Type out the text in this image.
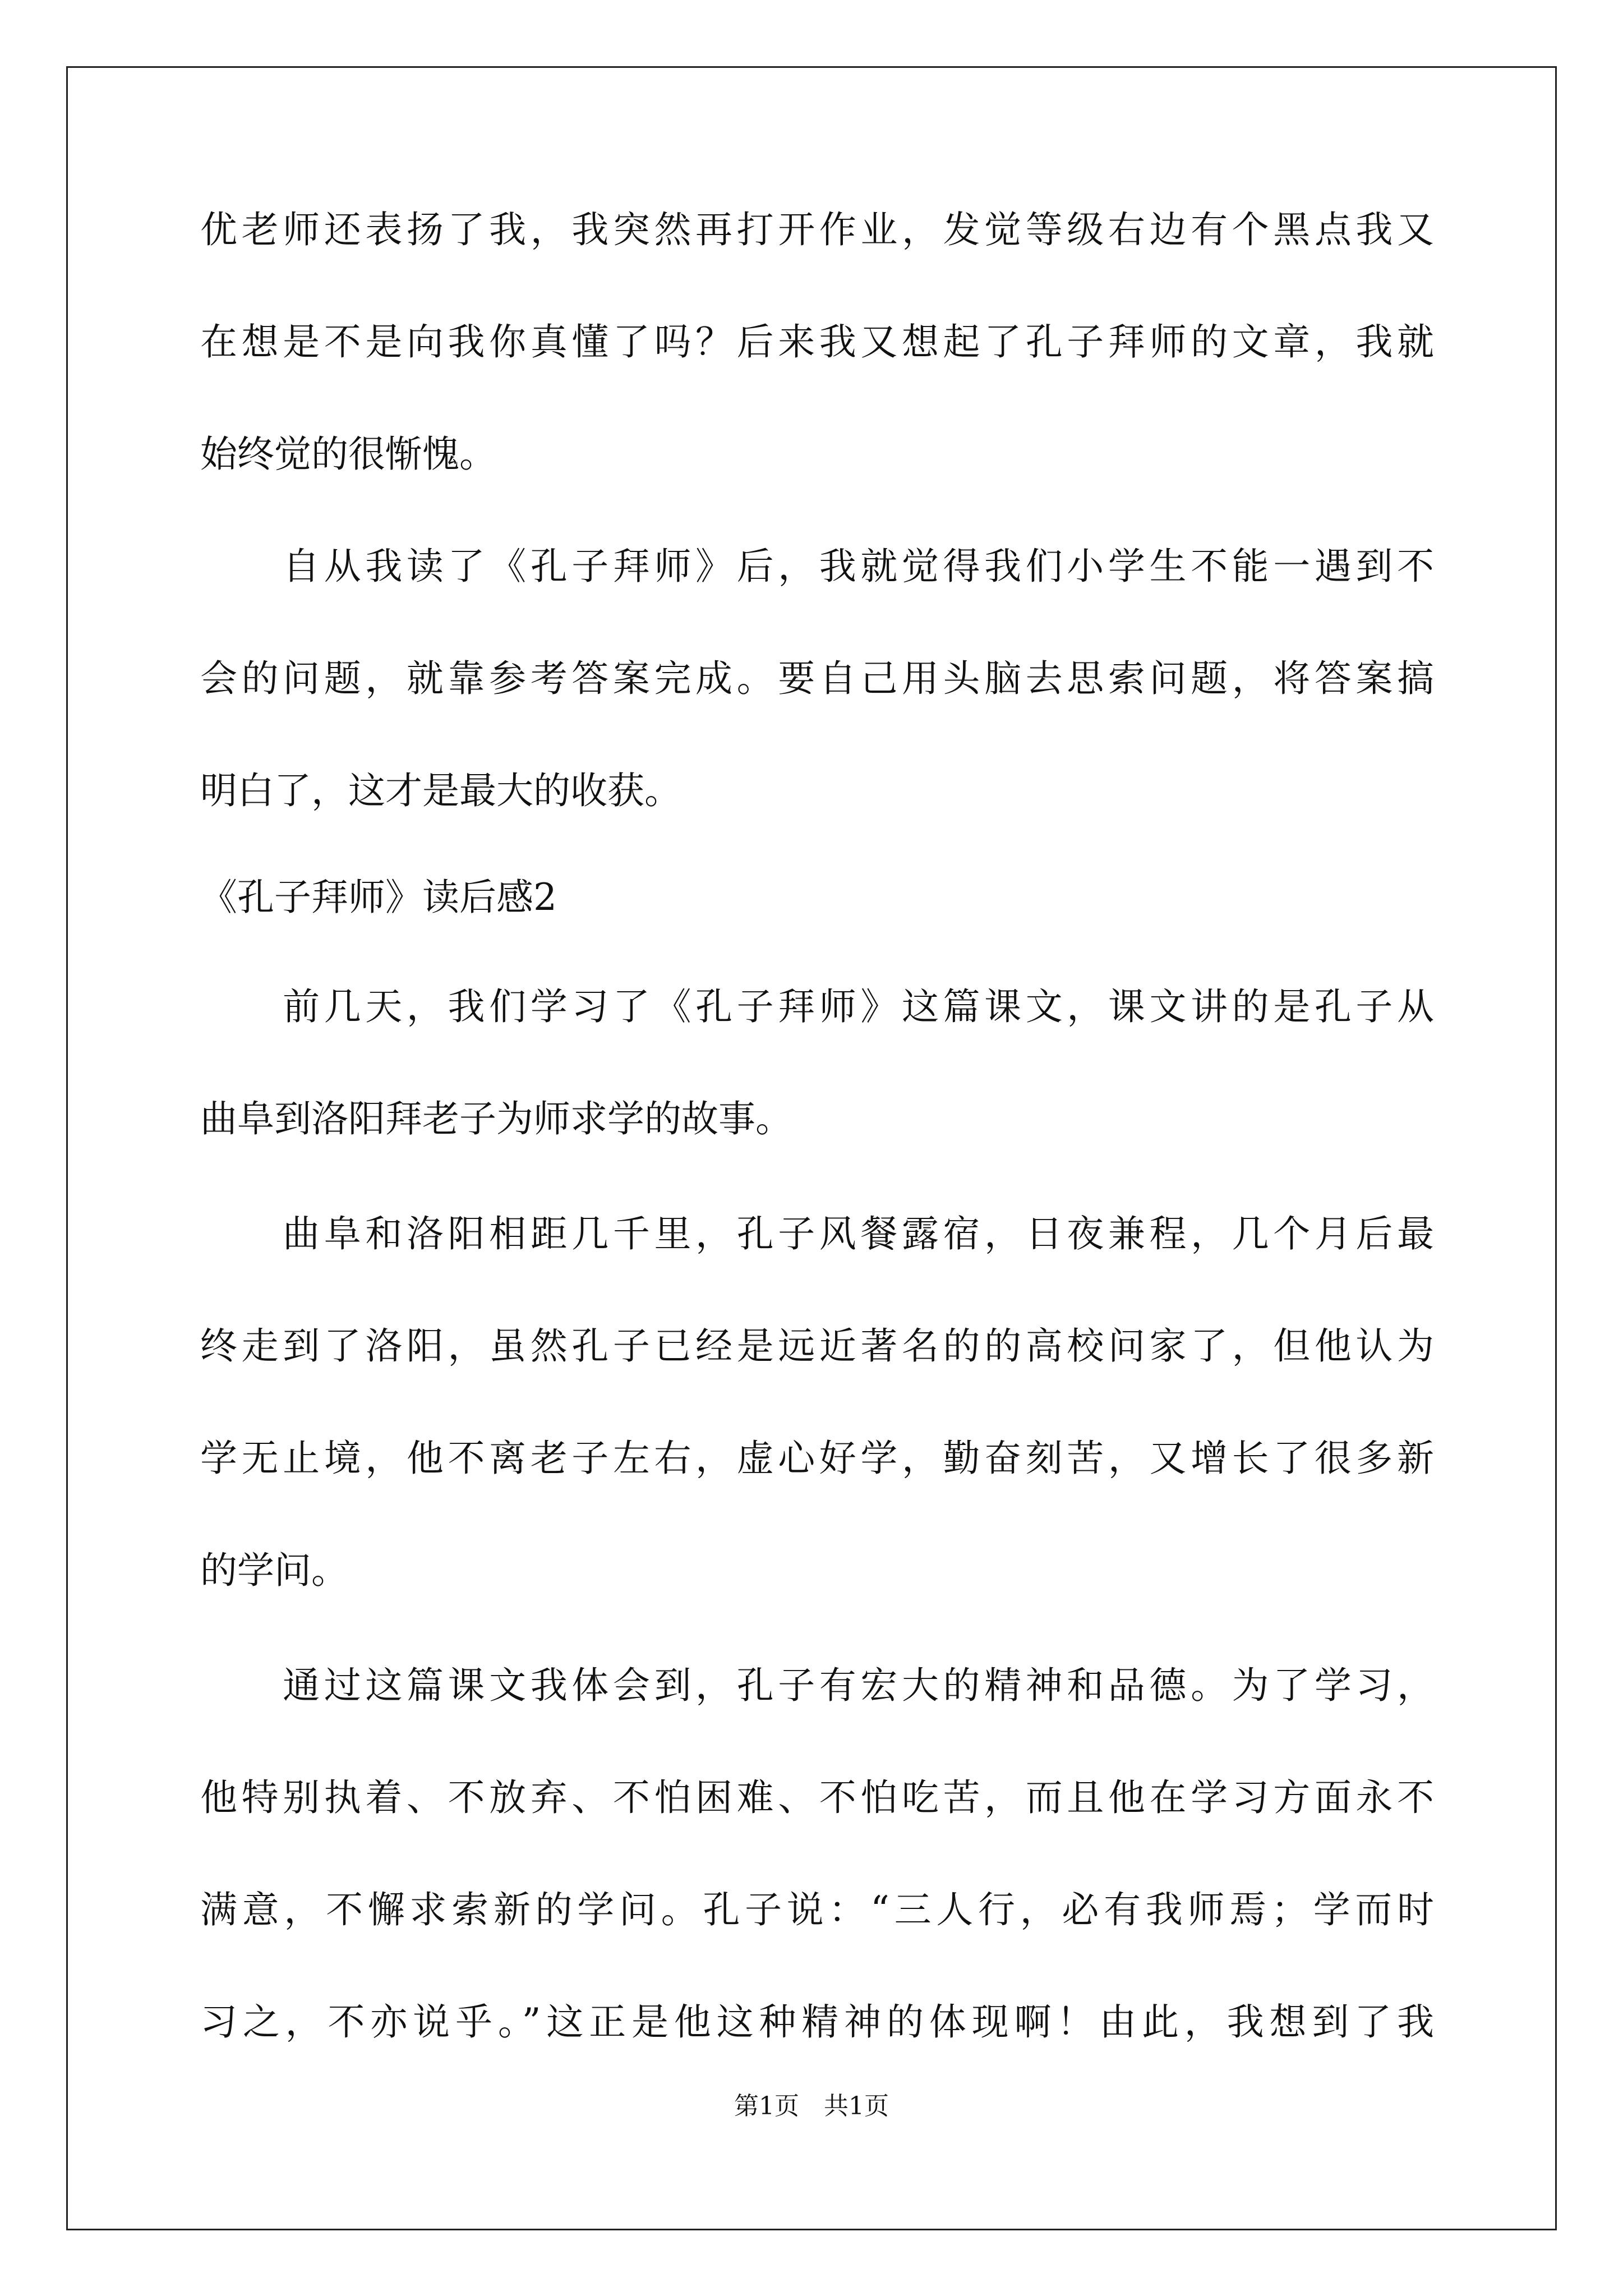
优老师还表扬了我，我突然再打开作业，发觉等级右边有个黑点我又
在想是不是向我你真懂了吗？后来我又想起了孔子拜师的文章，我就
始终觉的很惭愧。
　　自从我读了《孔子拜师》后，我就觉得我们小学生不能一遇到不
会的问题，就靠参考答案完成。要自己用头脑去思索问题，将答案搞
明白了，这才是最大的收获。
《孔子拜师》读后感2
　　前几天，我们学习了《孔子拜师》这篇课文，课文讲的是孔子从
曲阜到洛阳拜老子为师求学的故事。
　　曲阜和洛阳相距几千里，孔子风餐露宿，日夜兼程，几个月后最
终走到了洛阳，虽然孔子已经是远近著名的的高校问家了，但他认为
学无止境，他不离老子左右，虚心好学，勤奋刻苦，又增长了很多新
的学问。
　　通过这篇课文我体会到，孔子有宏大的精神和品德。为了学习，
他特别执着、不放弃、不怕困难、不怕吃苦，而且他在学习方面永不
满意，不懈求索新的学问。孔子说：“三人行，必有我师焉；学而时
习之，不亦说乎。”这正是他这种精神的体现啊！由此，我想到了我
第1页　共1页
